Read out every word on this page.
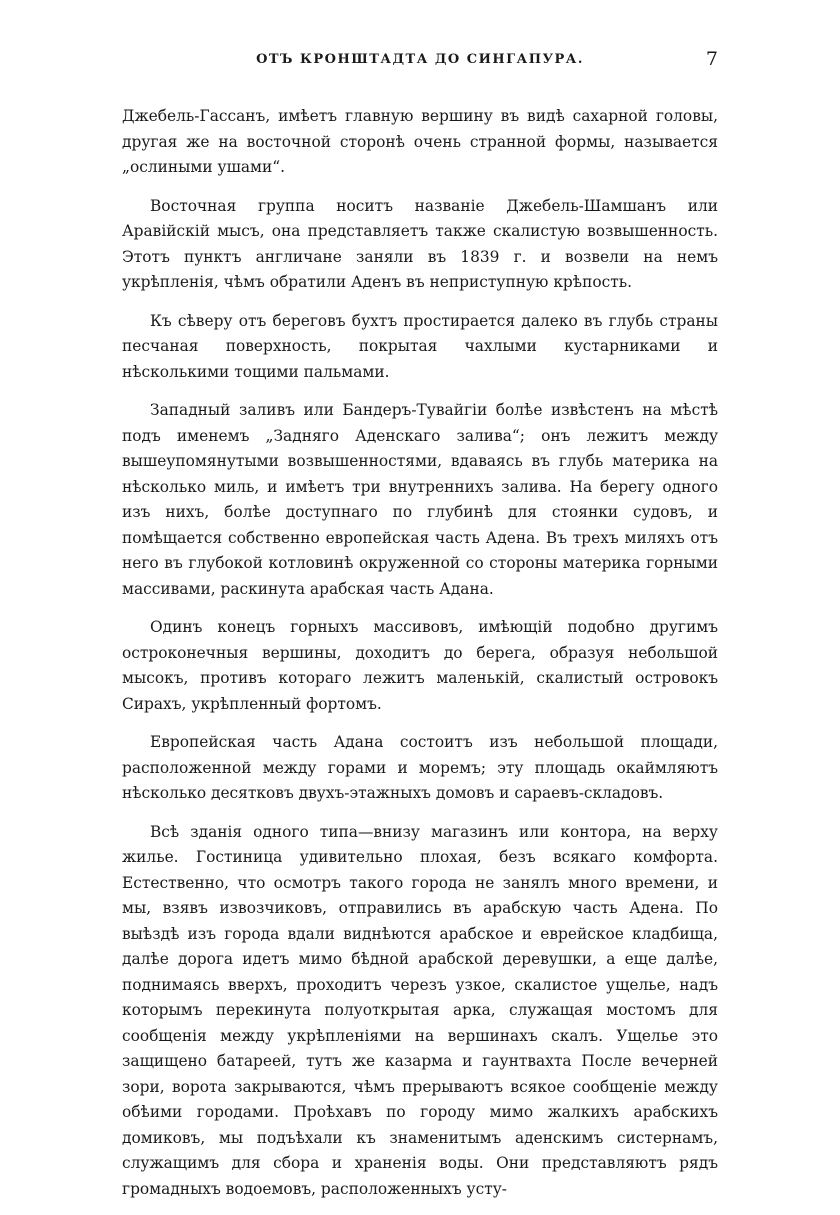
ОТЪ КРОНШТАДТА ДО СИНГАПУРА.	7

Джебель-Гассанъ, имѣетъ главную вершину въ видѣ сахарной головы, другая же на восточной сторонѣ очень странной формы, называется „ослиными ушами“.

Восточная группа носитъ названіе Джебель-Шамшанъ или Аравійскій мысъ, она представляетъ также скалистую возвышенность. Этотъ пунктъ англичане заняли въ 1839 г. и возвели на немъ укрѣпленія, чѣмъ обратили Аденъ въ неприступную крѣпость.

Къ сѣверу отъ береговъ бухтъ простирается далеко въ глубь страны песчаная поверхность, покрытая чахлыми кустарниками и нѣсколькими тощими пальмами.

Западный заливъ или Бандеръ-Тувайгіи болѣе извѣстенъ на мѣстѣ подъ именемъ „Задняго Аденскаго залива“; онъ лежитъ между вышеупомянутыми возвышенностями, вдаваясь въ глубь материка на нѣсколько миль, и имѣетъ три внутреннихъ залива. На берегу одного изъ нихъ, болѣе доступнаго по глубинѣ для стоянки судовъ, и помѣщается собственно европейская часть Адена. Въ трехъ миляхъ отъ него въ глубокой котловинѣ окруженной со стороны материка горными массивами, раскинута арабская часть Адана.

Одинъ конецъ горныхъ массивовъ, имѣющій подобно другимъ остроконечныя вершины, доходитъ до берега, образуя небольшой мысокъ, противъ котораго лежитъ маленькій, скалистый островокъ Сирахъ, укрѣпленный фортомъ.

Европейская часть Адана состоитъ изъ небольшой площади, расположенной между горами и моремъ; эту площадь окаймляютъ нѣсколько десятковъ двухъ-этажныхъ домовъ и сараевъ-складовъ.

Всѣ зданія одного типа—внизу магазинъ или контора, на верху жилье. Гостиница удивительно плохая, безъ всякаго комфорта. Естественно, что осмотръ такого города не занялъ много времени, и мы, взявъ извозчиковъ, отправились въ арабскую часть Адена. По выѣздѣ изъ города вдали виднѣются арабское и еврейское кладбища, далѣе дорога идетъ мимо бѣдной арабской деревушки, а еще далѣе, поднимаясь вверхъ, проходитъ черезъ узкое, скалистое ущелье, надъ которымъ перекинута полуоткрытая арка, служащая мостомъ для сообщенія между укрѣпленіями на вершинахъ скалъ. Ущелье это защищено батареей, тутъ же казарма и гаунтвахта После вечерней зори, ворота закрываются, чѣмъ прерываютъ всякое сообщеніе между обѣими городами. Проѣхавъ по городу мимо жалкихъ арабскихъ домиковъ, мы подъѣхали къ знаменитымъ аденскимъ систернамъ, служащимъ для сбора и храненія воды. Они представляютъ рядъ громадныхъ водоемовъ, расположенныхъ усту-
